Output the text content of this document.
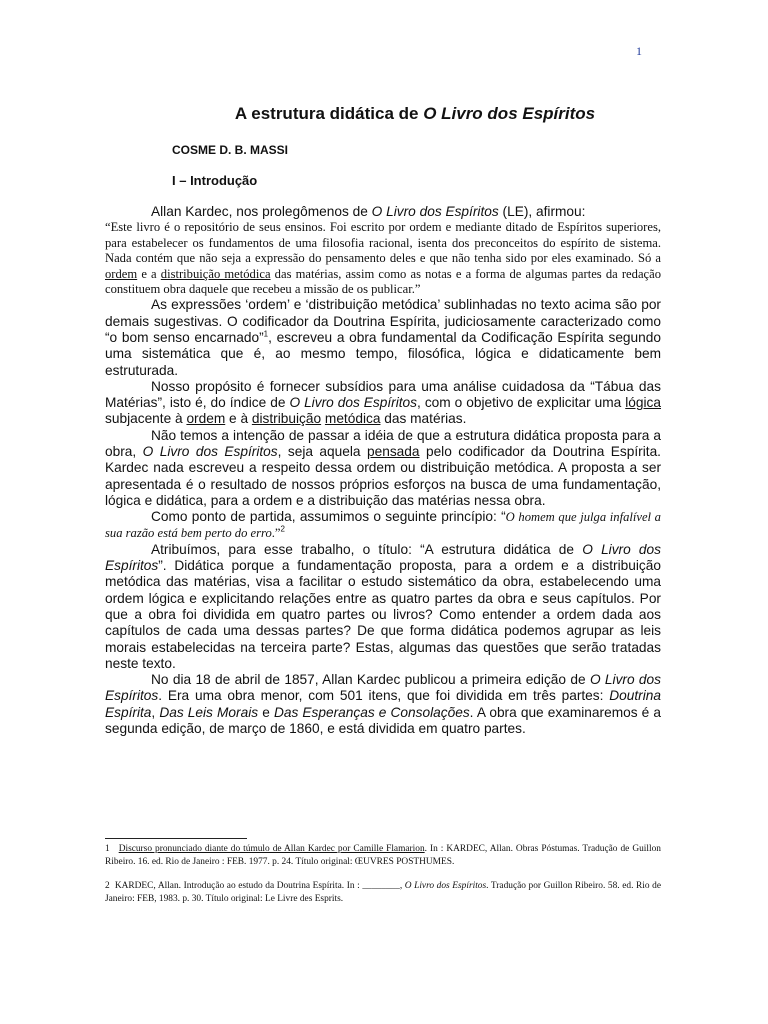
1
A estrutura didática de O Livro dos Espíritos
COSME D. B. MASSI
I – Introdução

Allan Kardec, nos prolegômenos de O Livro dos Espíritos (LE), afirmou:

“Este livro é o repositório de seus ensinos. Foi escrito por ordem e mediante ditado de Espíritos superiores, para estabelecer os fundamentos de uma filosofia racional, isenta dos preconceitos do espírito de sistema. Nada contém que não seja a expressão do pensamento deles e que não tenha sido por eles examinado. Só a ordem e a distribuição metódica das matérias, assim como as notas e a forma de algumas partes da redação constituem obra daquele que recebeu a missão de os publicar.”

As expressões ‘ordem’ e ‘distribuição metódica’ sublinhadas no texto acima são por demais sugestivas. O codificador da Doutrina Espírita, judiciosamente caracterizado como “o bom senso encarnado”$^1$, escreveu a obra fundamental da Codificação Espírita segundo uma sistemática que é, ao mesmo tempo, filosófica, lógica e didaticamente bem estruturada.

Nosso propósito é fornecer subsídios para uma análise cuidadosa da “Tábua das Matérias”, isto é, do índice de O Livro dos Espíritos, com o objetivo de explicitar uma lógica subjacente à ordem e à distribuição metódica das matérias.

Não temos a intenção de passar a idéia de que a estrutura didática proposta para a obra, O Livro dos Espíritos, seja aquela pensada pelo codificador da Doutrina Espírita. Kardec nada escreveu a respeito dessa ordem ou distribuição metódica. A proposta a ser apresentada é o resultado de nossos próprios esforços na busca de uma fundamentação, lógica e didática, para a ordem e a distribuição das matérias nessa obra.

Como ponto de partida, assumimos o seguinte princípio: “O homem que julga infalível a sua razão está bem perto do erro.”$^2$

Atribuímos, para esse trabalho, o título: “A estrutura didática de O Livro dos Espíritos”. Didática porque a fundamentação proposta, para a ordem e a distribuição metódica das matérias, visa a facilitar o estudo sistemático da obra, estabelecendo uma ordem lógica e explicitando relações entre as quatro partes da obra e seus capítulos. Por que a obra foi dividida em quatro partes ou livros? Como entender a ordem dada aos capítulos de cada uma dessas partes? De que forma didática podemos agrupar as leis morais estabelecidas na terceira parte? Estas, algumas das questões que serão tratadas neste texto.

No dia 18 de abril de 1857, Allan Kardec publicou a primeira edição de O Livro dos Espíritos. Era uma obra menor, com 501 itens, que foi dividida em três partes: Doutrina Espírita, Das Leis Morais e Das Esperanças e Consolações. A obra que examinaremos é a segunda edição, de março de 1860, e está dividida em quatro partes.

1 Discurso pronunciado diante do túmulo de Allan Kardec por Camille Flamarion. In : KARDEC, Allan. Obras Póstumas. Tradução de Guillon Ribeiro. 16. ed. Rio de Janeiro : FEB. 1977. p. 24. Título original: ŒUVRES POSTHUMES.
2  KARDEC, Allan. Introdução ao estudo da Doutrina Espírita. In : ________, O Livro dos Espíritos. Tradução por Guillon Ribeiro. 58. ed. Rio de Janeiro: FEB, 1983. p. 30. Título original: Le Livre des Esprits.
